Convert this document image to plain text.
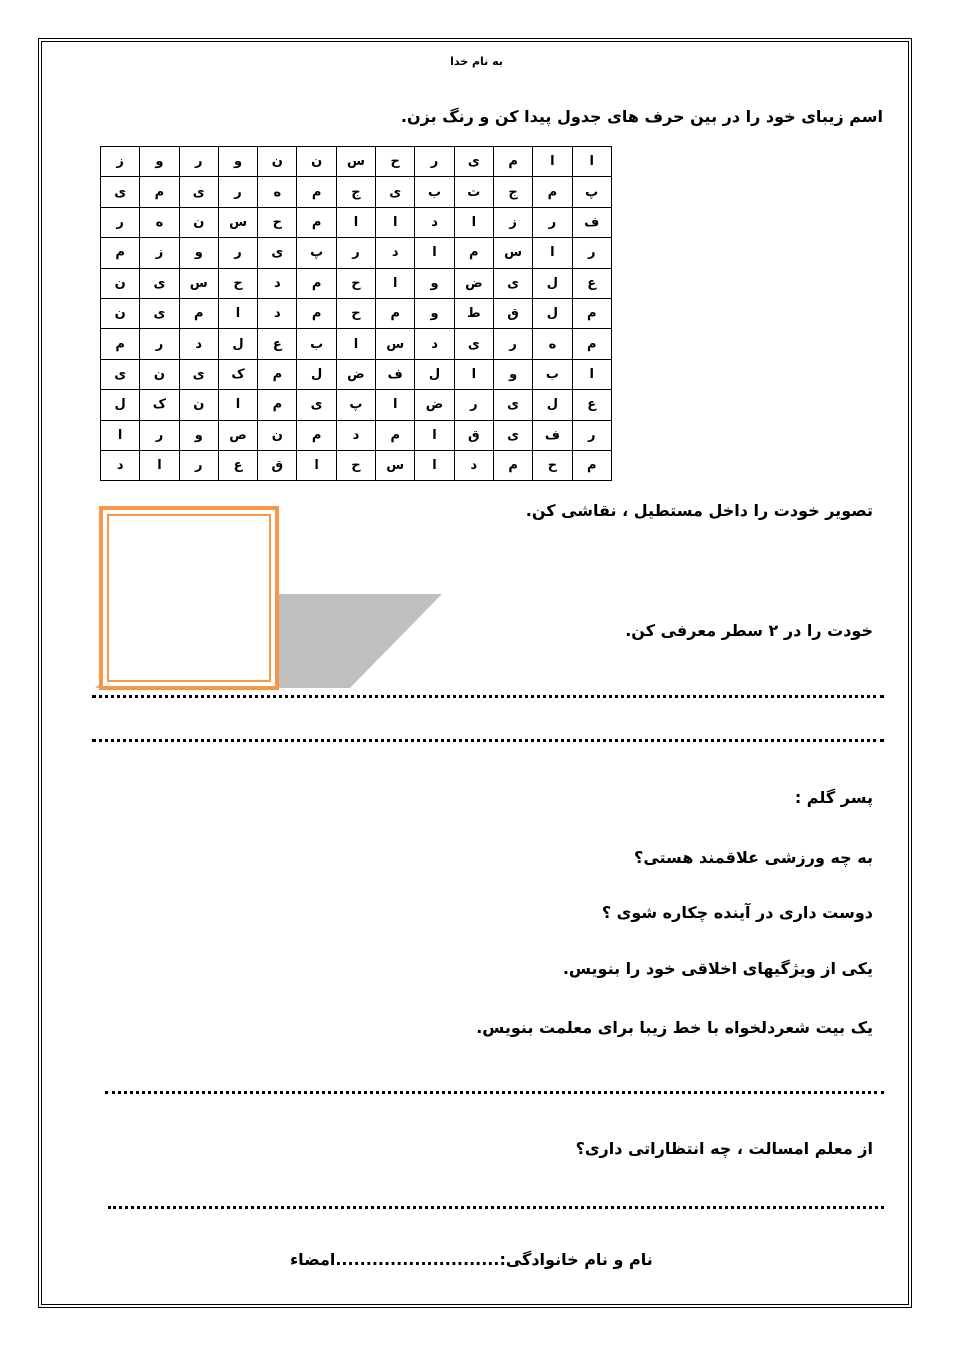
به نام خدا
اسم زیبای خود را در بین حرف های جدول پیدا کن و رنگ بزن.
ا	ا	م	ی	ر	ح	س	ن	ن	و	ر	و	ز
پ	م	ج	ت	ب	ی	ج	م	ه	ر	ی	م	ی
ف	ر	ز	ا	د	ا	ا	م	ح	س	ن	ه	ر
ر	ا	س	م	ا	د	ر	پ	ی	ر	و	ز	م
ع	ل	ی	ض	و	ا	ح	م	د	ح	س	ی	ن
م	ل	ق	ط	و	م	ح	م	د	ا	م	ی	ن
م	ه	ر	ی	د	س	ا	ب	ع	ل	د	ر	م
ا	ب	و	ا	ل	ف	ض	ل	م	ک	ی	ن	ی
ع	ل	ی	ر	ض	ا	پ	ی	م	ا	ن	ک	ل
ر	ف	ی	ق	ا	م	د	م	ن	ص	و	ر	ا
م	ح	م	د	ا	س	ح	ا	ق	ع	ر	ا	د
تصویر خودت را داخل مستطیل ، نقاشی کن.
خودت را در ۲ سطر معرفی کن.
پسر گلم :
به چه ورزشی علاقمند هستی؟
دوست داری در آینده چکاره شوی ؟
یکی از ویژگیهای اخلاقی خود را بنویس.
یک بیت شعردلخواه با خط زیبا برای معلمت بنویس.
از معلم امسالت ، چه انتظاراتی داری؟
نام و نام خانوادگی:...........................امضاء
